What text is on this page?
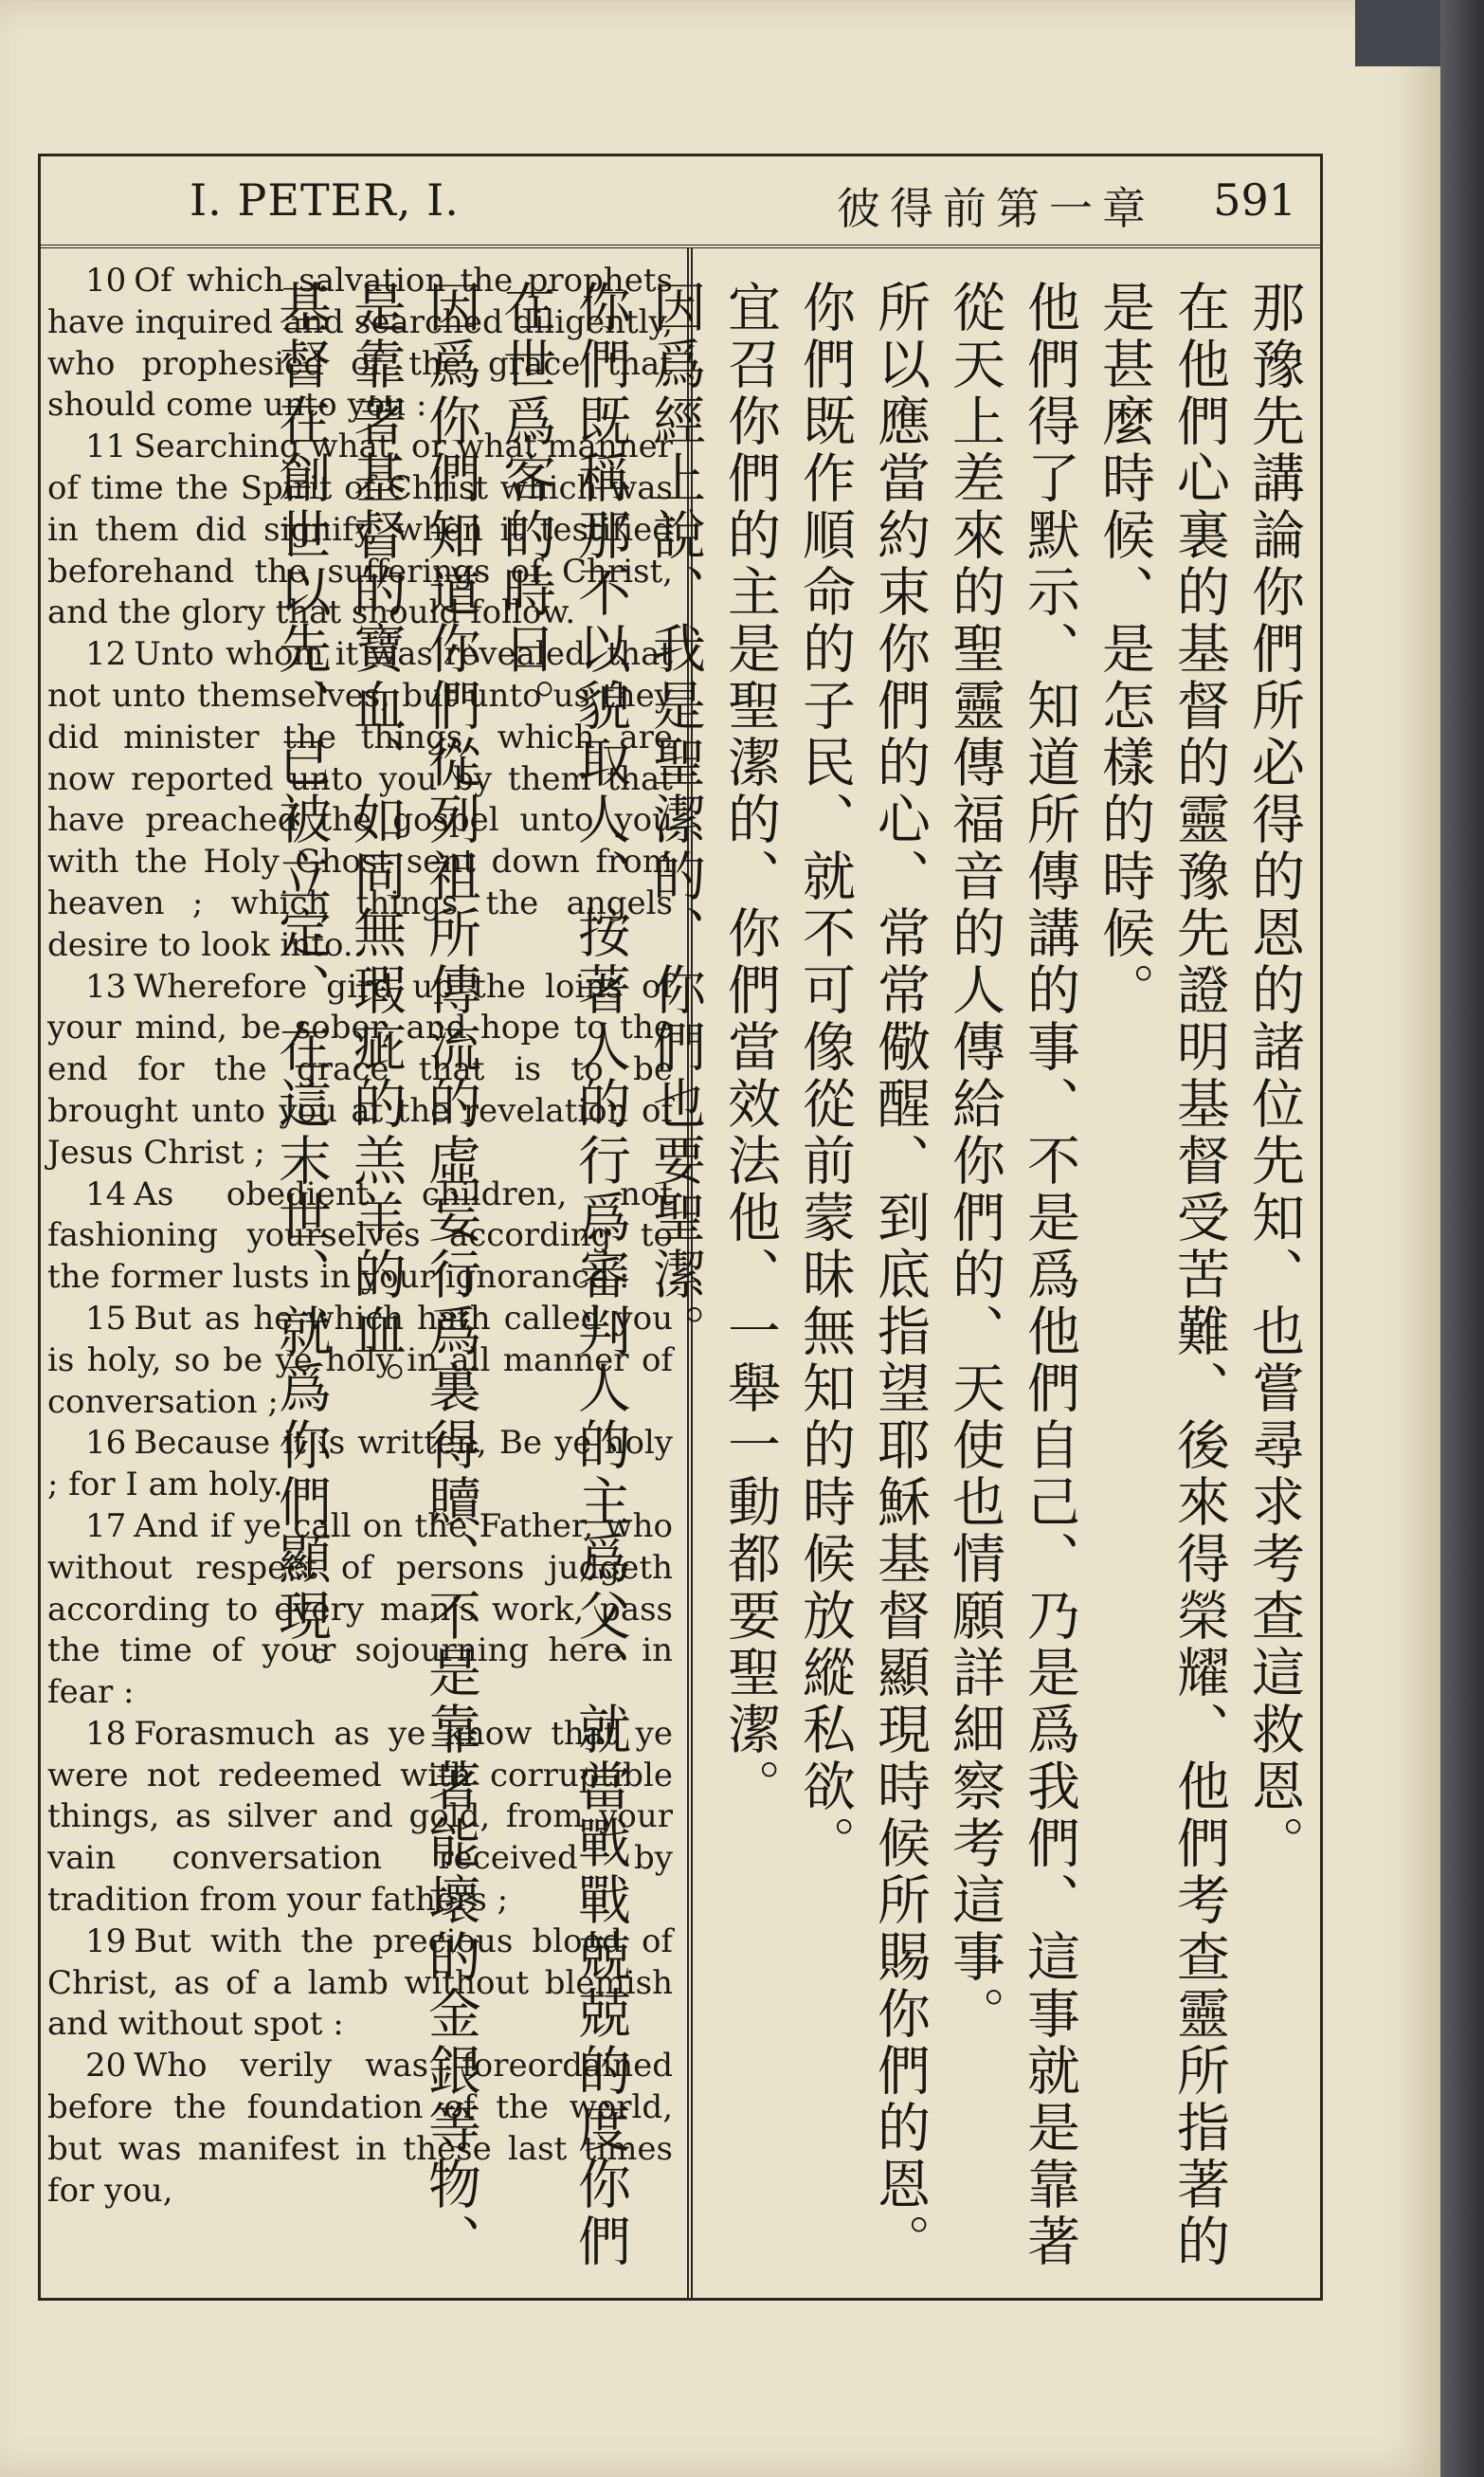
I. PETER, I.	彼得前第一章 591

10 Of which salvation the prophets have inquired and searched diligently, who prophesied of the grace that should come unto you :

11 Searching what, or what manner of time the Spirit of Christ which was in them did signify, when it testified beforehand the sufferings of Christ, and the glory that should follow.

12 Unto whom it was revealed, that not unto themselves, but unto us they did minister the things, which are now reported unto you by them that have preached the gospel unto you with the Holy Ghost sent down from heaven ; which things the angels desire to look into.

13 Wherefore gird up the loins of your mind, be sober, and hope to the end for the grace that is to be brought unto you at the revelation of Jesus Christ ;

14 As obedient children, not fashioning yourselves according to the former lusts in your ignorance :

15 But as he which hath called you is holy, so be ye holy in all manner of conversation ;

16 Because it is written, Be ye holy ; for I am holy.

17 And if ye call on the Father, who without respect of persons judgeth according to every man's work, pass the time of your sojourning here in fear :

18 Forasmuch as ye know that ye were not redeemed with corruptible things, as silver and gold, from your vain conversation received by tradition from your fathers ;

19 But with the precious blood of Christ, as of a lamb without blemish and without spot :

20 Who verily was foreordained before the foundation of the world, but was manifest in these last times for you,

那豫先講論你們所必得的恩的諸位先知、也嘗尋求考查這救恩。
在他們心裏的基督的靈豫先證明基督受苦難、後來得榮耀、他們考查靈所指著的是甚麼時候、是怎樣的時候。
他們得了默示、知道所傳講的事、不是爲他們自己、乃是爲我們、這事就是靠著從天上差來的聖靈傳福音的人傳給你們的、天使也情願詳細察考這事。
所以應當約束你們的心、常常儆醒、到底指望耶穌基督顯現時候所賜你們的恩。
你們既作順命的子民、就不可像從前蒙昧無知的時候放縱私欲。
宜召你們的主是聖潔的、你們當效法他、一舉一動都要聖潔。
因爲經上說、我是聖潔的、你們也要聖潔。
你們既稱那不以貌取人、按著人的行爲審判人的主爲父、就當戰戰兢兢的度你們在世爲客的時日。
因爲你們知道你們從列祖所傳流的虛妄行爲裏得贖、不是靠著能壞的金銀等物、
是靠著基督的寶血、如同無瑕疵的羔羊的血。
基督在創世以先、已被立定、在這末世、就爲你們顯現。
